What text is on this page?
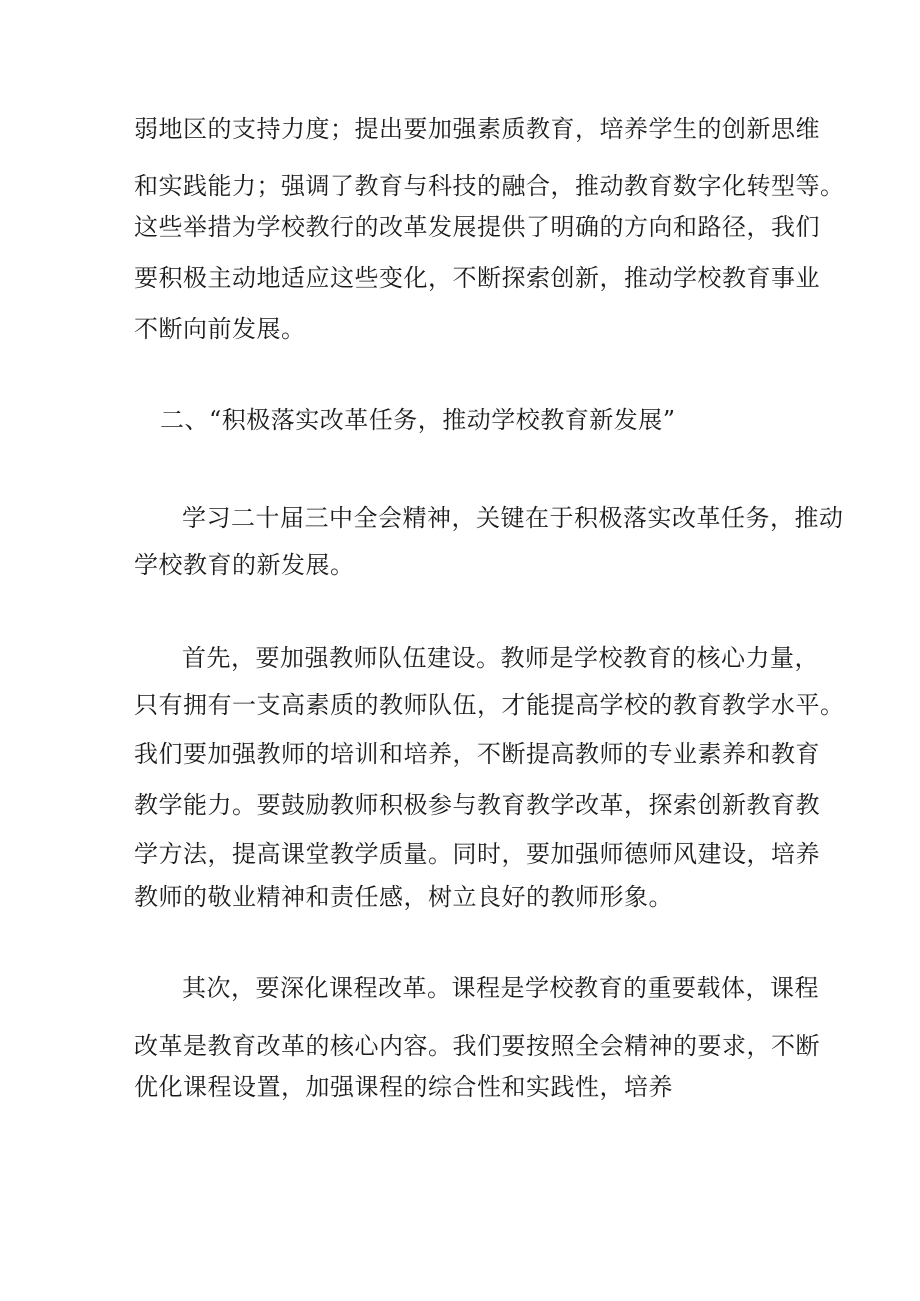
弱地区的支持力度；提出要加强素质教育，培养学生的创新思维
和实践能力；强调了教育与科技的融合，推动教育数字化转型等。
这些举措为学校教行的改革发展提供了明确的方向和路径，我们
要积极主动地适应这些变化，不断探索创新，推动学校教育事业
不断向前发展。
二、“积极落实改革任务，推动学校教育新发展”
学习二十届三中全会精神，关键在于积极落实改革任务，推动
学校教育的新发展。
首先，要加强教师队伍建设。教师是学校教育的核心力量，
只有拥有一支高素质的教师队伍，才能提高学校的教育教学水平。
我们要加强教师的培训和培养，不断提高教师的专业素养和教育
教学能力。要鼓励教师积极参与教育教学改革，探索创新教育教
学方法，提高课堂教学质量。同时，要加强师德师风建设，培养
教师的敬业精神和责任感，树立良好的教师形象。
其次，要深化课程改革。课程是学校教育的重要载体，课程
改革是教育改革的核心内容。我们要按照全会精神的要求，不断
优化课程设置，加强课程的综合性和实践性，培养
